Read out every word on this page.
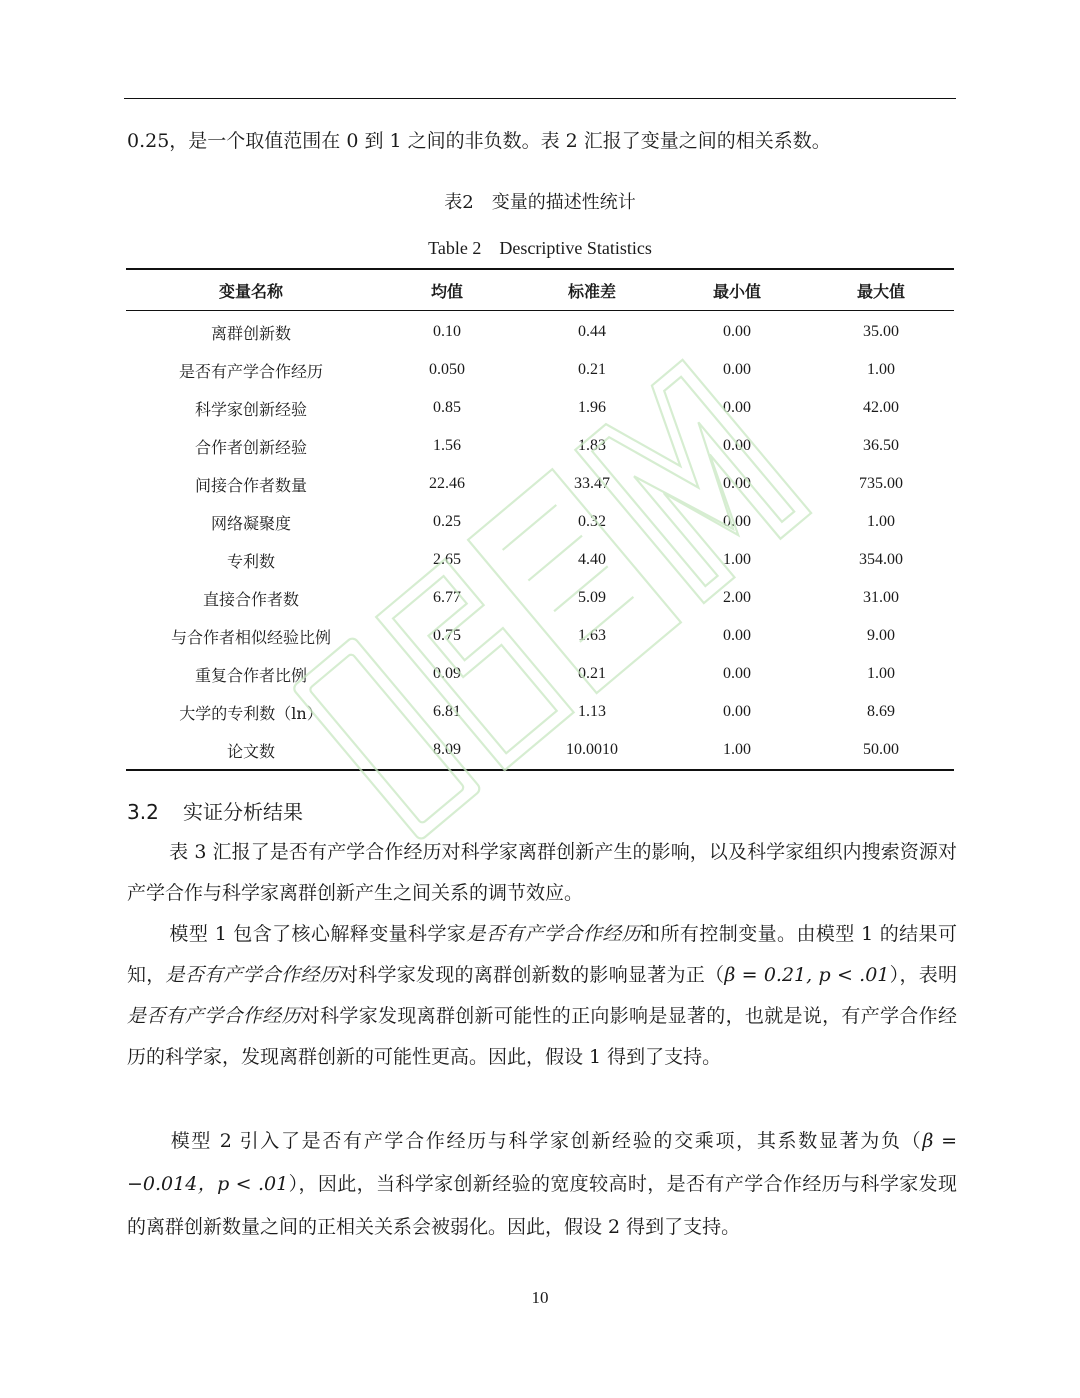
0.25，是一个取值范围在 0 到 1 之间的非负数。表 2 汇报了变量之间的相关系数。
表2　变量的描述性统计
Table 2　Descriptive Statistics
变量名称	均值	标准差	最小值	最大值
离群创新数	0.10	0.44	0.00	35.00
是否有产学合作经历	0.050	0.21	0.00	1.00
科学家创新经验	0.85	1.96	0.00	42.00
合作者创新经验	1.56	1.83	0.00	36.50
间接合作者数量	22.46	33.47	0.00	735.00
网络凝聚度	0.25	0.32	0.00	1.00
专利数	2.65	4.40	1.00	354.00
直接合作者数	6.77	5.09	2.00	31.00
与合作者相似经验比例	0.75	1.63	0.00	9.00
重复合作者比例	0.09	0.21	0.00	1.00
大学的专利数（ln）	6.81	1.13	0.00	8.69
论文数	8.09	10.0010	1.00	50.00
3.2 实证分析结果
表 3 汇报了是否有产学合作经历对科学家离群创新产生的影响，以及科学家组织内搜索资源对产学合作与科学家离群创新产生之间关系的调节效应。
模型 1 包含了核心解释变量科学家是否有产学合作经历和所有控制变量。由模型 1 的结果可知，是否有产学合作经历对科学家发现的离群创新数的影响显著为正（β = 0.21, p < .01），表明是否有产学合作经历对科学家发现离群创新可能性的正向影响是显著的，也就是说，有产学合作经历的科学家，发现离群创新的可能性更高。因此，假设 1 得到了支持。
模型 2 引入了是否有产学合作经历与科学家创新经验的交乘项，其系数显著为负（β = −0.014，p < .01），因此，当科学家创新经验的宽度较高时，是否有产学合作经历与科学家发现的离群创新数量之间的正相关关系会被弱化。因此，假设 2 得到了支持。
10
